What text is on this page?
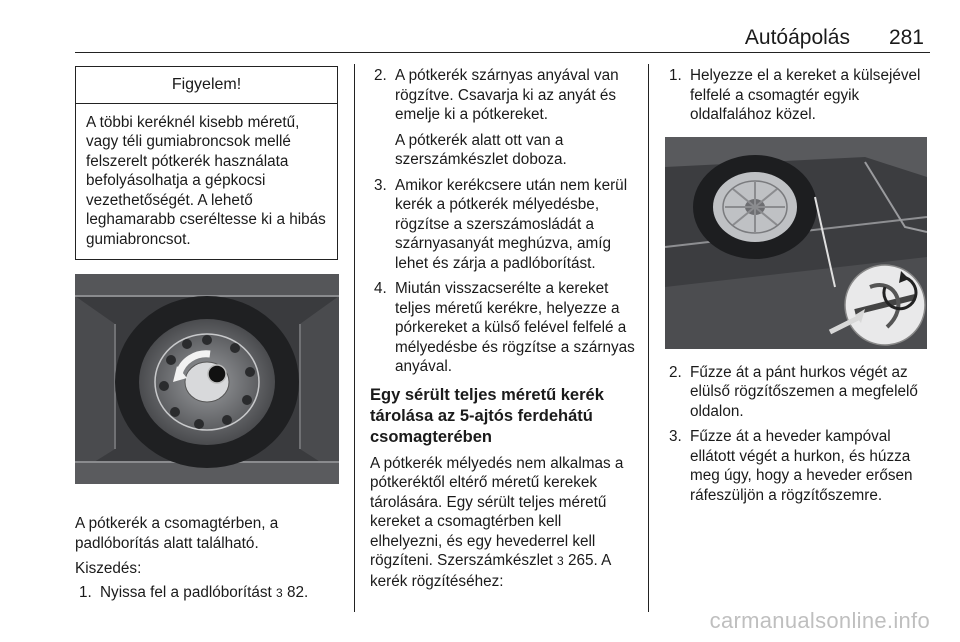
Autóápolás 281
Figyelem!
A többi keréknél kisebb méretű, vagy téli gumiabroncsok mellé felszerelt pótkerék használata befolyásolhatja a gépkocsi vezethetőségét. A lehető leghamarabb cseréltesse ki a hibás gumiabroncsot.

A pótkerék a csomagtérben, a padlóborítás alatt található.

Kiszedés:

1. Nyissa fel a padlóborítást 3 82.
2. A pótkerék szárnyas anyával van rögzítve. Csavarja ki az anyát és emelje ki a pótkereket.

A pótkerék alatt ott van a szerszámkészlet doboza.

3. Amikor kerékcsere után nem kerül kerék a pótkerék mélyedésbe, rögzítse a szerszámosládát a szárnyasanyát meghúzva, amíg lehet és zárja a padlóborítást.

4. Miután visszacserélte a kereket teljes méretű kerékre, helyezze a pórkereket a külső felével felfelé a mélyedésbe és rögzítse a szárnyas anyával.

Egy sérült teljes méretű kerék tárolása az 5-ajtós ferdehátú csomagterében

A pótkerék mélyedés nem alkalmas a pótkeréktől eltérő méretű kerekek tárolására. Egy sérült teljes méretű kereket a csomagtérben kell elhelyezni, és egy hevederrel kell rögzíteni. Szerszámkészlet 3 265. A kerék rögzítéséhez:

1. Helyezze el a kereket a külsejével felfelé a csomagtér egyik oldalfalához közel.

2. Fűzze át a pánt hurkos végét az elülső rögzítőszemen a megfelelő oldalon.

3. Fűzze át a heveder kampóval ellátott végét a hurkon, és húzza meg úgy, hogy a heveder erősen ráfeszüljön a rögzítőszemre.

carmanualsonline.info
